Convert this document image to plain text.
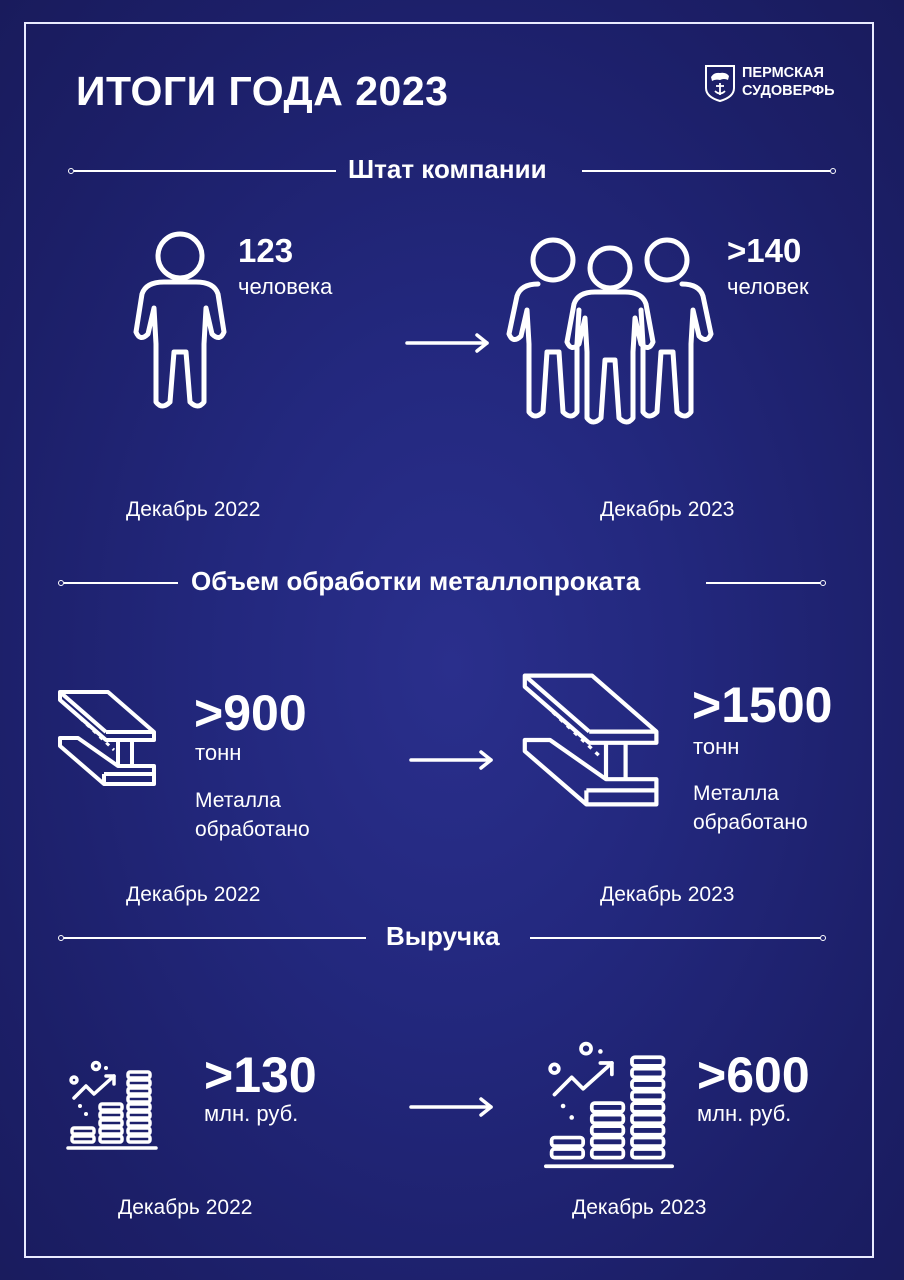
ИТОГИ ГОДА 2023	ПЕРМСКАЯ
СУДОВЕРФЬ
Штат компании
123
человека
>140
человек
Декабрь 2022	Декабрь 2023
Объем обработки металлопроката
>900
тонн
Металла
обработано
>1500
тонн
Металла
обработано
Декабрь 2022	Декабрь 2023
Выручка
>130
млн. руб.
>600
млн. руб.
Декабрь 2022	Декабрь 2023
